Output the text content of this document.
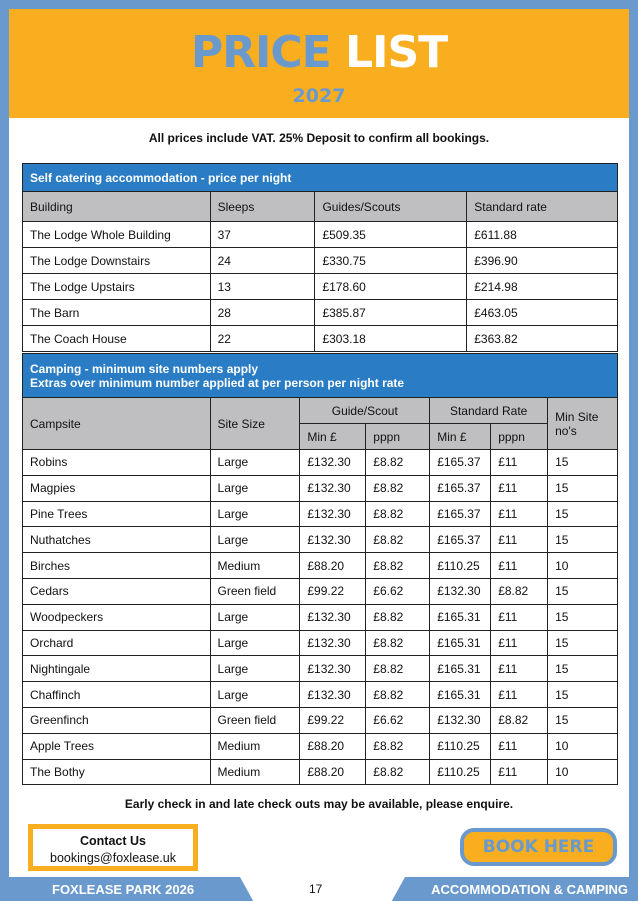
PRICE LIST
2027
All prices include VAT. 25% Deposit to confirm all bookings.
Self catering accommodation - price per night			
Building	Sleeps	Guides/Scouts	Standard rate
The Lodge Whole Building	37	£509.35	£611.88
The Lodge Downstairs	24	£330.75	£396.90
The Lodge Upstairs	13	£178.60	£214.98
The Barn	28	£385.87	£463.05
The Coach House	22	£303.18	£363.82
Camping - minimum site numbers apply
Extras over minimum number applied at per person per night rate						

Campsite	Site Size	Guide/Scout		Standard Rate		Min Site no's
		Min £	pppn	Min £	pppn	
Robins	Large	£132.30	£8.82	£165.37	£11	15
Magpies	Large	£132.30	£8.82	£165.37	£11	15
Pine Trees	Large	£132.30	£8.82	£165.37	£11	15
Nuthatches	Large	£132.30	£8.82	£165.37	£11	15
Birches	Medium	£88.20	£8.82	£110.25	£11	10
Cedars	Green field	£99.22	£6.62	£132.30	£8.82	15
Woodpeckers	Large	£132.30	£8.82	£165.31	£11	15
Orchard	Large	£132.30	£8.82	£165.31	£11	15
Nightingale	Large	£132.30	£8.82	£165.31	£11	15
Chaffinch	Large	£132.30	£8.82	£165.31	£11	15
Greenfinch	Green field	£99.22	£6.62	£132.30	£8.82	15
Apple Trees	Medium	£88.20	£8.82	£110.25	£11	10
The Bothy	Medium	£88.20	£8.82	£110.25	£11	10
Early check in and late check outs may be available, please enquire.
Contact Us
bookings@foxlease.uk
BOOK HERE
FOXLEASE PARK 2026	17	ACCOMMODATION & CAMPING
